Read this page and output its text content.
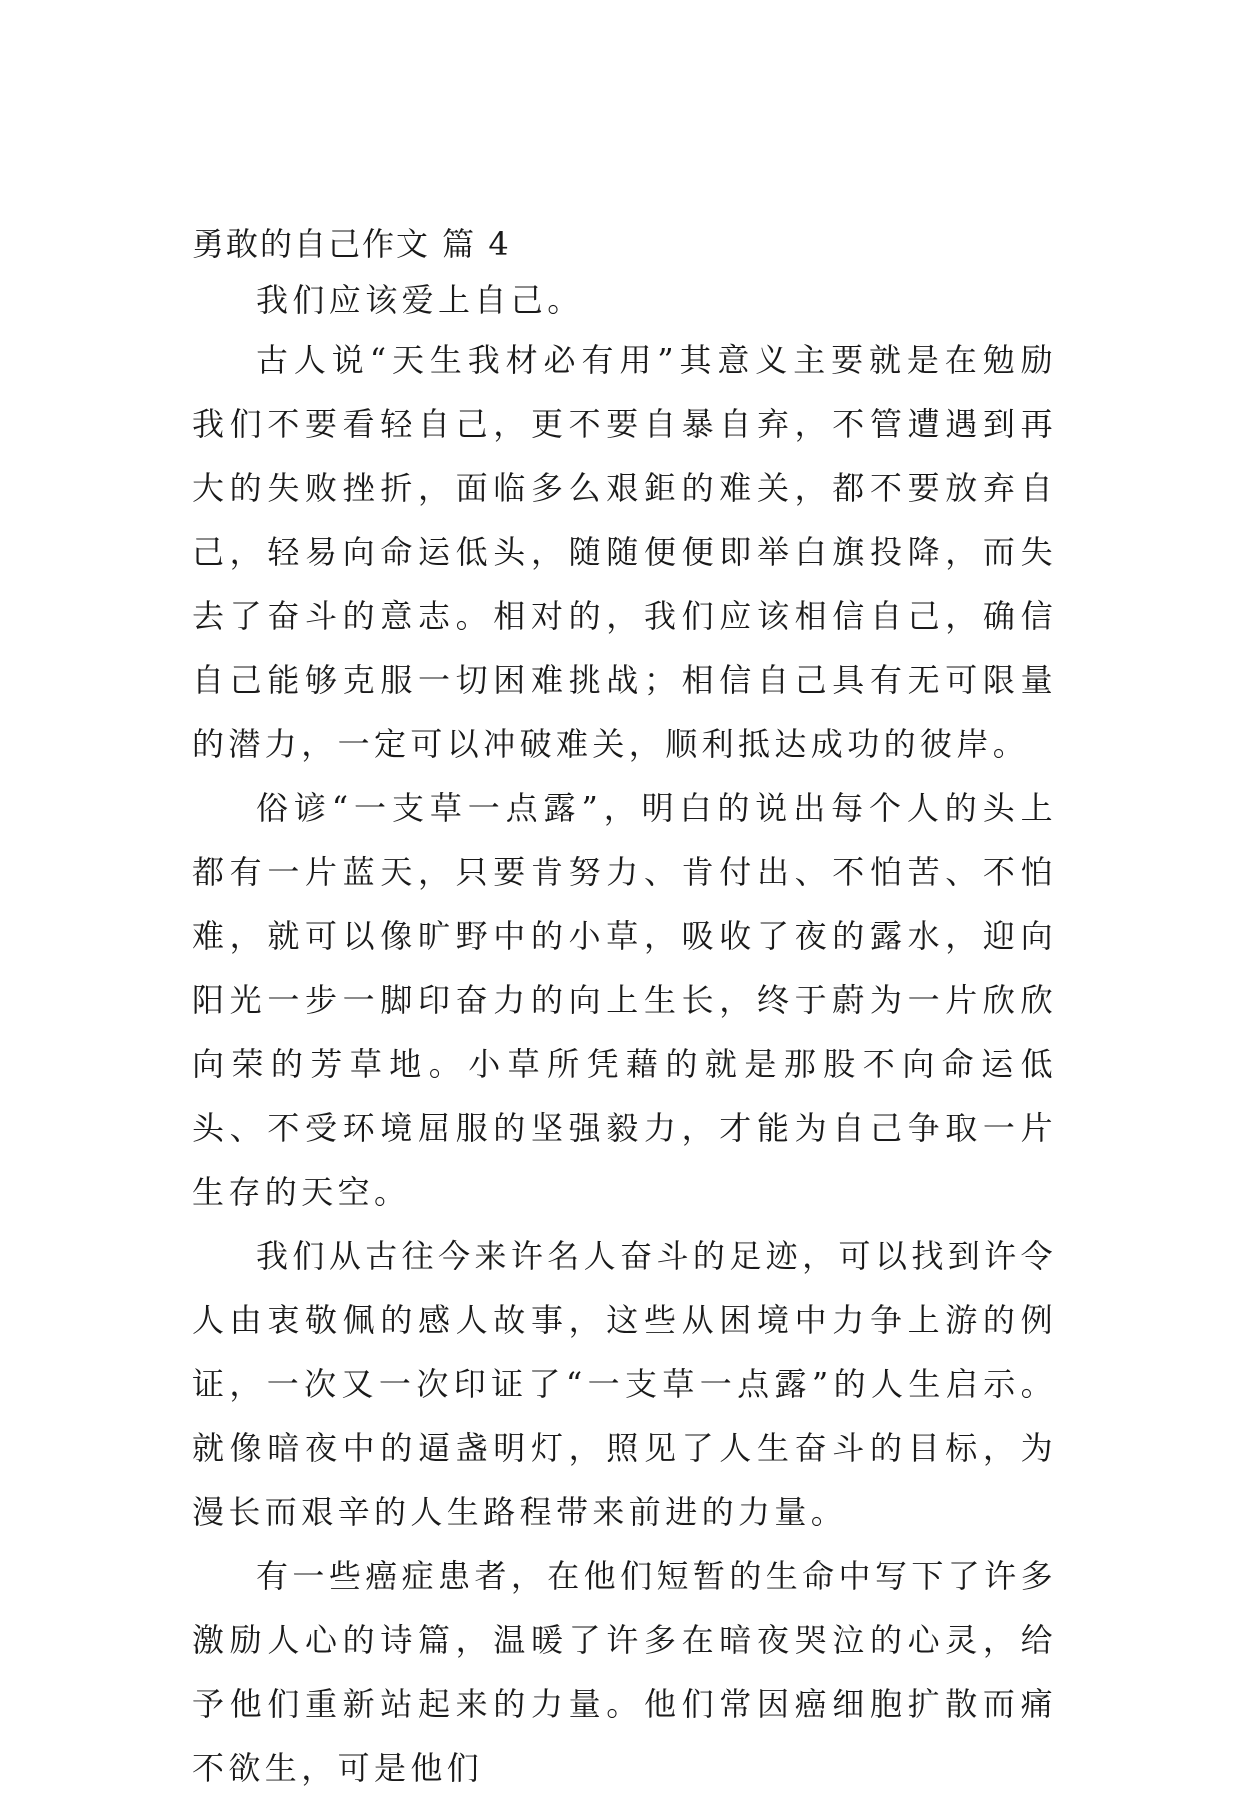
勇敢的自己作文 篇 4

我们应该爱上自己。

古人说“天生我材必有用”其意义主要就是在勉励我们不要看轻自己，更不要自暴自弃，不管遭遇到再大的失败挫折，面临多么艰鉅的难关，都不要放弃自己，轻易向命运低头，随随便便即举白旗投降，而失去了奋斗的意志。相对的，我们应该相信自己，确信自己能够克服一切困难挑战；相信自己具有无可限量的潜力，一定可以冲破难关，顺利抵达成功的彼岸。

俗谚“一支草一点露”，明白的说出每个人的头上都有一片蓝天，只要肯努力、肯付出、不怕苦、不怕难，就可以像旷野中的小草，吸收了夜的露水，迎向阳光一步一脚印奋力的向上生长，终于蔚为一片欣欣向荣的芳草地。小草所凭藉的就是那股不向命运低头、不受环境屈服的坚强毅力，才能为自己争取一片生存的天空。

我们从古往今来许名人奋斗的足迹，可以找到许令人由衷敬佩的感人故事，这些从困境中力争上游的例证，一次又一次印证了“一支草一点露”的人生启示。就像暗夜中的逼盏明灯，照见了人生奋斗的目标，为漫长而艰辛的人生路程带来前进的力量。

有一些癌症患者，在他们短暂的生命中写下了许多激励人心的诗篇，温暖了许多在暗夜哭泣的心灵，给予他们重新站起来的力量。他们常因癌细胞扩散而痛不欲生，可是他们
